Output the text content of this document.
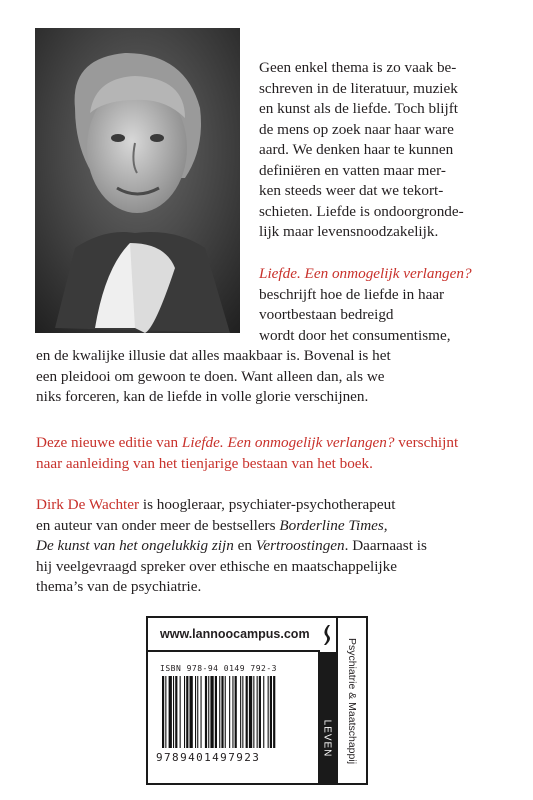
Geen enkel thema is zo vaak be-
schreven in de literatuur, muziek
en kunst als de liefde. Toch blijft
de mens op zoek naar haar ware
aard. We denken haar te kunnen
definiëren en vatten maar mer-
ken steeds weer dat we tekort-
schieten. Liefde is ondoorgronde-
lijk maar levensnoodzakelijk.

Liefde. Een onmogelijk verlangen?
beschrijft hoe de liefde in haar
voortbestaan bedreigd
wordt door het consumentisme,

en de kwalijke illusie dat alles maakbaar is. Bovenal is het
een pleidooi om gewoon te doen. Want alleen dan, als we
niks forceren, kan de liefde in volle glorie verschijnen.

Deze nieuwe editie van Liefde. Een onmogelijk verlangen? verschijnt
naar aanleiding van het tienjarige bestaan van het boek.

Dirk De Wachter is hoogleraar, psychiater-psychotherapeut
en auteur van onder meer de bestsellers Borderline Times,
De kunst van het ongelukkig zijn en Vertroostingen. Daarnaast is
hij veelgevraagd spreker over ethische en maatschappelijke
thema’s van de psychiatrie.

www.lannoocampus.com
LEVEN Psychiatrie & Maatschappij
ISBN 978-94 0149 792-3
9789401497923
